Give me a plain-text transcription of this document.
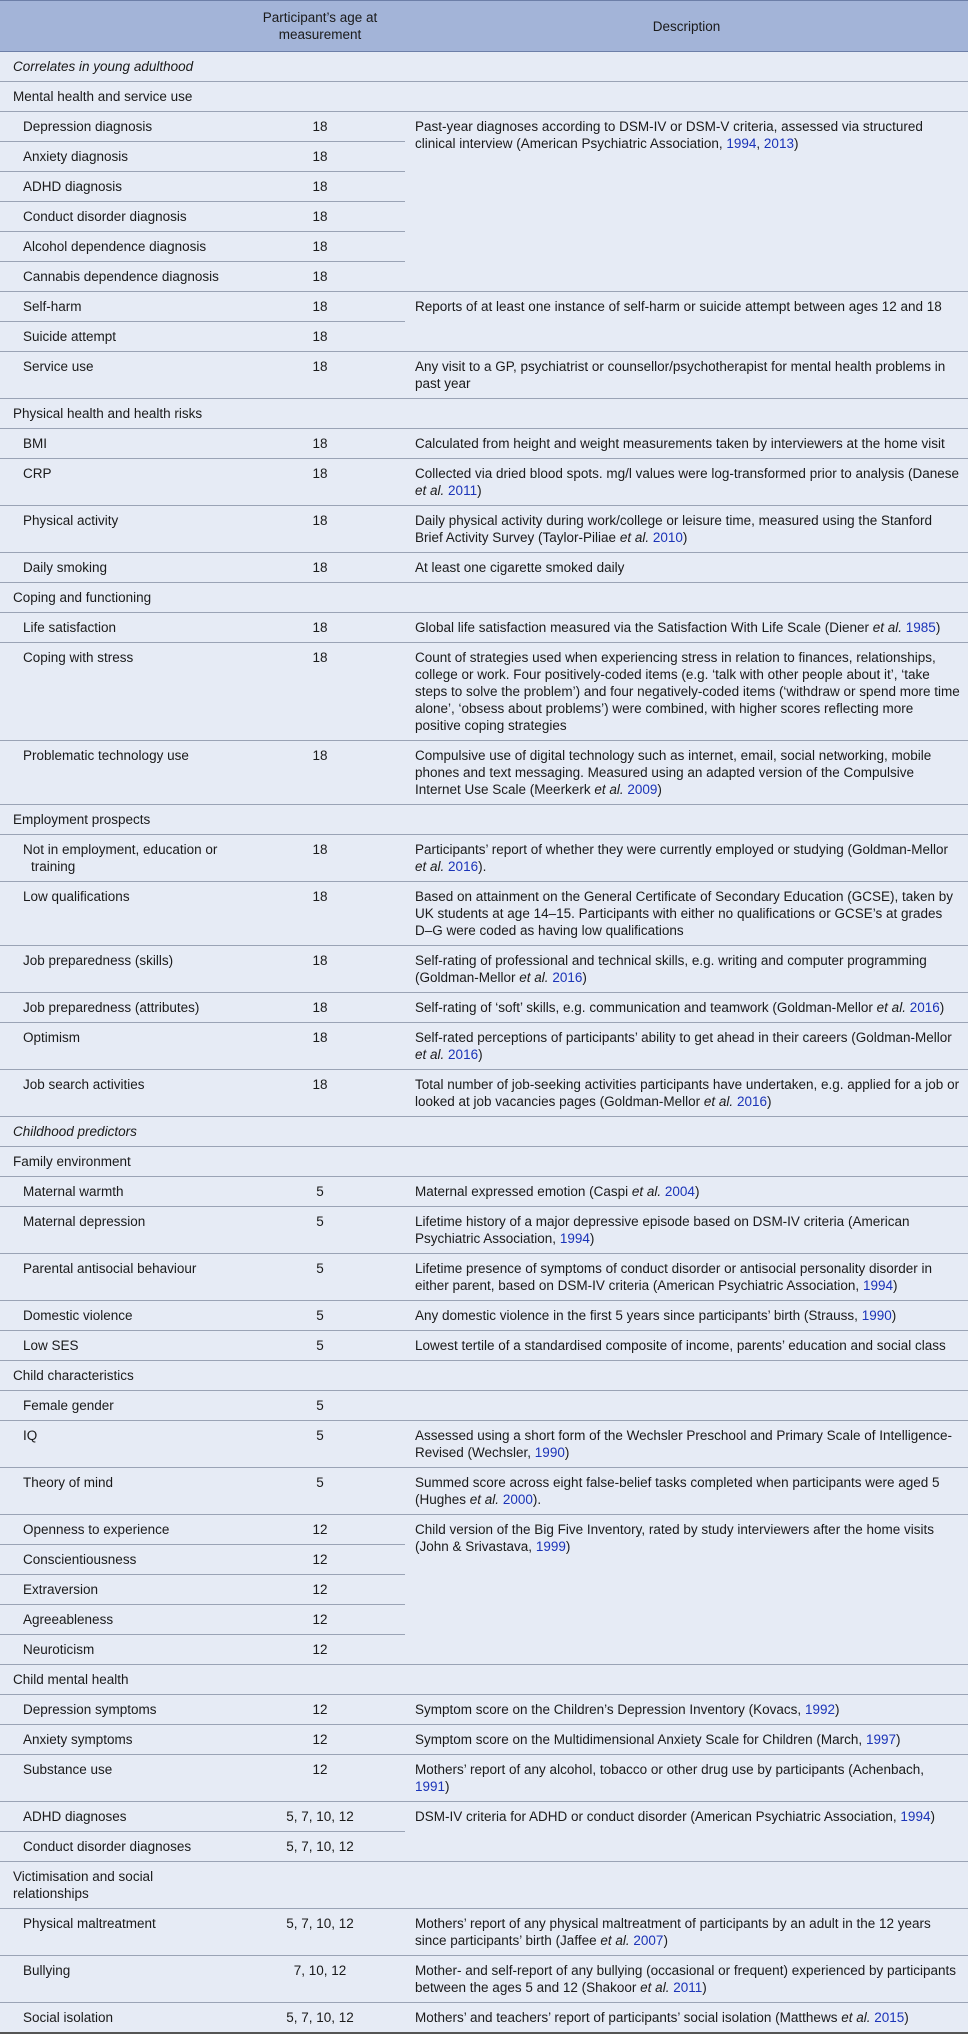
	Participant’s age at measurement	Description
Correlates in young adulthood		
Mental health and service use		
Depression diagnosis	18	Past-year diagnoses according to DSM-IV or DSM-V criteria, assessed via structured clinical interview (American Psychiatric Association, 1994, 2013)
Anxiety diagnosis	18	
ADHD diagnosis	18	
Conduct disorder diagnosis	18	
Alcohol dependence diagnosis	18	
Cannabis dependence diagnosis	18	
Self-harm	18	Reports of at least one instance of self-harm or suicide attempt between ages 12 and 18
Suicide attempt	18	
Service use	18	Any visit to a GP, psychiatrist or counsellor/psychotherapist for mental health problems in past year
Physical health and health risks		
BMI	18	Calculated from height and weight measurements taken by interviewers at the home visit
CRP	18	Collected via dried blood spots. mg/l values were log-transformed prior to analysis (Danese et al. 2011)
Physical activity	18	Daily physical activity during work/college or leisure time, measured using the Stanford Brief Activity Survey (Taylor-Piliae et al. 2010)
Daily smoking	18	At least one cigarette smoked daily
Coping and functioning		
Life satisfaction	18	Global life satisfaction measured via the Satisfaction With Life Scale (Diener et al. 1985)
Coping with stress	18	Count of strategies used when experiencing stress in relation to finances, relationships, college or work. Four positively-coded items (e.g. ‘talk with other people about it’, ‘take steps to solve the problem’) and four negatively-coded items (‘withdraw or spend more time alone’, ‘obsess about problems’) were combined, with higher scores reflecting more positive coping strategies
Problematic technology use	18	Compulsive use of digital technology such as internet, email, social networking, mobile phones and text messaging. Measured using an adapted version of the Compulsive Internet Use Scale (Meerkerk et al. 2009)
Employment prospects		
Not in employment, education or training	18	Participants’ report of whether they were currently employed or studying (Goldman-Mellor et al. 2016).
Low qualifications	18	Based on attainment on the General Certificate of Secondary Education (GCSE), taken by UK students at age 14–15. Participants with either no qualifications or GCSE’s at grades D–G were coded as having low qualifications
Job preparedness (skills)	18	Self-rating of professional and technical skills, e.g. writing and computer programming (Goldman-Mellor et al. 2016)
Job preparedness (attributes)	18	Self-rating of ‘soft’ skills, e.g. communication and teamwork (Goldman-Mellor et al. 2016)
Optimism	18	Self-rated perceptions of participants’ ability to get ahead in their careers (Goldman-Mellor et al. 2016)
Job search activities	18	Total number of job-seeking activities participants have undertaken, e.g. applied for a job or looked at job vacancies pages (Goldman-Mellor et al. 2016)
Childhood predictors		
Family environment		
Maternal warmth	5	Maternal expressed emotion (Caspi et al. 2004)
Maternal depression	5	Lifetime history of a major depressive episode based on DSM-IV criteria (American Psychiatric Association, 1994)
Parental antisocial behaviour	5	Lifetime presence of symptoms of conduct disorder or antisocial personality disorder in either parent, based on DSM-IV criteria (American Psychiatric Association, 1994)
Domestic violence	5	Any domestic violence in the first 5 years since participants’ birth (Strauss, 1990)
Low SES	5	Lowest tertile of a standardised composite of income, parents’ education and social class
Child characteristics		
Female gender	5	
IQ	5	Assessed using a short form of the Wechsler Preschool and Primary Scale of Intelligence-Revised (Wechsler, 1990)
Theory of mind	5	Summed score across eight false-belief tasks completed when participants were aged 5 (Hughes et al. 2000).
Openness to experience	12	Child version of the Big Five Inventory, rated by study interviewers after the home visits (John & Srivastava, 1999)
Conscientiousness	12	
Extraversion	12	
Agreeableness	12	
Neuroticism	12	
Child mental health		
Depression symptoms	12	Symptom score on the Children’s Depression Inventory (Kovacs, 1992)
Anxiety symptoms	12	Symptom score on the Multidimensional Anxiety Scale for Children (March, 1997)
Substance use	12	Mothers’ report of any alcohol, tobacco or other drug use by participants (Achenbach, 1991)
ADHD diagnoses	5, 7, 10, 12	DSM-IV criteria for ADHD or conduct disorder (American Psychiatric Association, 1994)
Conduct disorder diagnoses	5, 7, 10, 12	
Victimisation and social relationships		
Physical maltreatment	5, 7, 10, 12	Mothers’ report of any physical maltreatment of participants by an adult in the 12 years since participants’ birth (Jaffee et al. 2007)
Bullying	7, 10, 12	Mother- and self-report of any bullying (occasional or frequent) experienced by participants between the ages 5 and 12 (Shakoor et al. 2011)
Social isolation	5, 7, 10, 12	Mothers’ and teachers’ report of participants’ social isolation (Matthews et al. 2015)
